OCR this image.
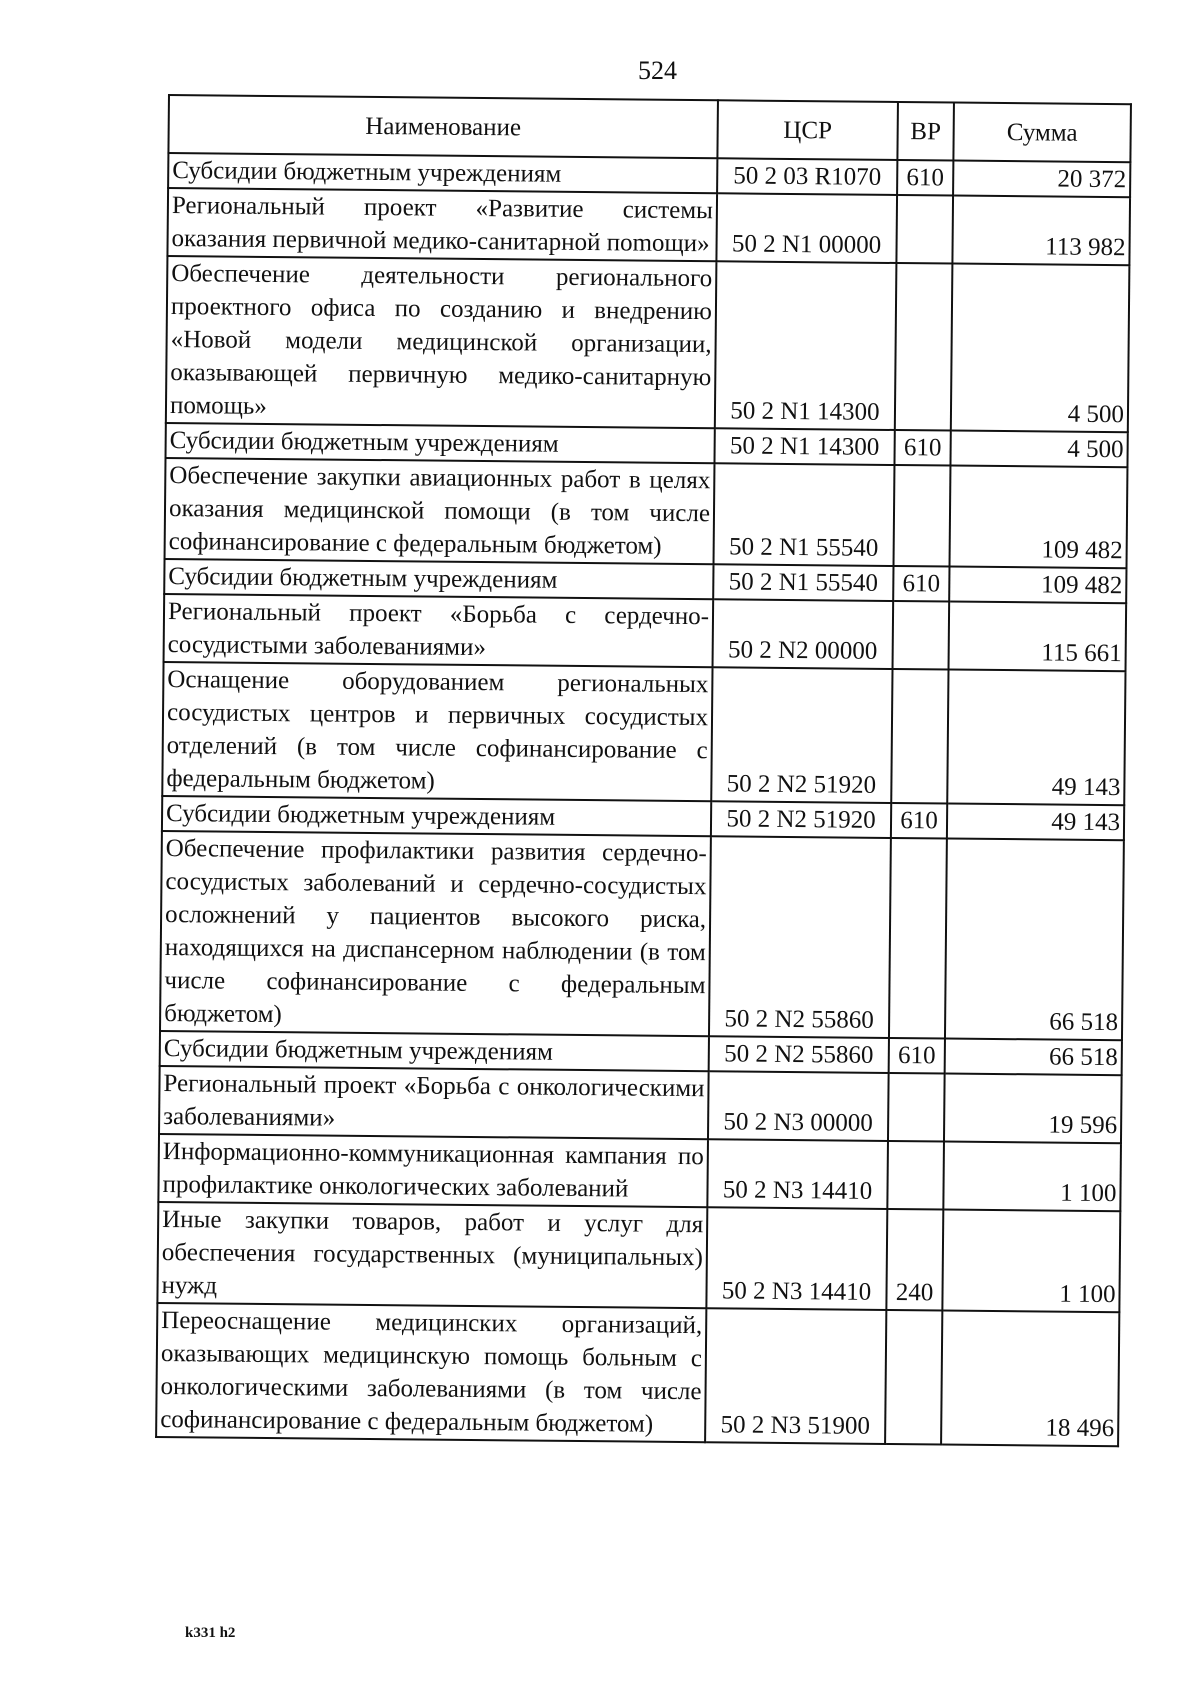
524
Наименование	ЦСР	ВР	Сумма
Субсидии бюджетным учреждениям	50 2 03 R1070	610	20 372
Региональный проект «Развитие системы оказания первичной медико-санитарной поmощи»	50 2 N1 00000		113 982
Обеспечение деятельности регионального проектного офиса по созданию и внедрению «Новой модели медицинской организации, оказывающей первичную медико-санитарную помощь»	50 2 N1 14300		4 500
Субсидии бюджетным учреждениям	50 2 N1 14300	610	4 500
Обеспечение закупки авиационных работ в целях оказания медицинской помощи (в том числе софинансирование с федеральным бюджетом)	50 2 N1 55540		109 482
Субсидии бюджетным учреждениям	50 2 N1 55540	610	109 482
Региональный проект «Борьба с сердечно-сосудистыми заболеваниями»	50 2 N2 00000		115 661
Оснащение оборудованием региональных сосудистых центров и первичных сосудистых отделений (в том числе софинансирование с федеральным бюджетом)	50 2 N2 51920		49 143
Субсидии бюджетным учреждениям	50 2 N2 51920	610	49 143
Обеспечение профилактики развития сердечно-сосудистых заболеваний и сердечно-сосудистых осложнений у пациентов высокого риска, находящихся на диспансерном наблюдении (в том числе софинансирование с федеральным бюджетом)	50 2 N2 55860		66 518
Субсидии бюджетным учреждениям	50 2 N2 55860	610	66 518
Региональный проект «Борьба с онкологическими заболеваниями»	50 2 N3 00000		19 596
Информационно-коммуникационная кампания по профилактике онкологических заболеваний	50 2 N3 14410		1 100
Иные закупки товаров, работ и услуг для обеспечения государственных (муниципальных) нужд	50 2 N3 14410	240	1 100
Переоснащение медицинских организаций, оказывающих медицинскую помощь больным с онкологическими заболеваниями (в том числе софинансирование с федеральным бюджетом)	50 2 N3 51900		18 496
k331 h2
